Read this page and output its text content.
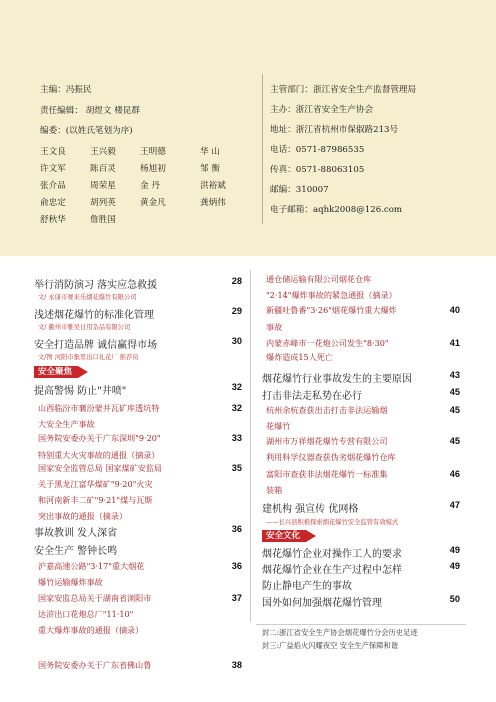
主编：冯振民
责任编辑： 胡煜文 楼昆群
编委：(以姓氏笔划为序)
王文良	王兴毅	王明德	华 山
许文军	陈百灵	杨旭初	邹 衡
张介品	周荣星	金 丹	洪裕斌
俞忠定	胡列英	黄金凡	龚炳伟
舒秋华	詹胜国
主管部门：浙江省安全生产监督管理局
主办：浙江省安全生产协会
地址：浙江省杭州市保俶路213号
电话：0571-87986535
传真：0571-88063105
邮编：310007
电子邮箱：aqhk2008@126.com
举行消防演习 落实应急救援	28
文/ 永康市赛来乐烟花爆竹有限公司
浅述烟花爆竹的标准化管理	29
文/ 衢州市雅吴日用杂品有限公司
安全打造品牌 诚信赢得市场	30
文/图 河阳市集里出口礼花厂 推荐员
安全聚焦
提高警惕 防止"井喷"	32
山西临汾市襄汾蒙井瓦矿库透坑特	32
大安全生产事故
国务院安委办关于广东深圳"9·20"	33
特别重大火灾事故的通报（摘录）
国家安全监管总局 国家煤矿安监局	35
关于黑龙江富华煤矿"9·20"火灾
和河南新丰二矿"9·21"煤与瓦斯
突出事故的通报（摘录）
事故教训 发人深省	36
安全生产 警钟长鸣
沪嘉高速公路"3·17"重大烟花	36
爆竹运输爆炸事故
国家安监总局关于湖南省浏阳市	37
达浒出口花炮总厂"11·10"
重大爆炸事故的通报（摘录）
国务院安委办关于广东省佛山鲁	38
通仓储运输有限公司烟花仓库
"2·14"爆炸事故的紧急通报（摘录）
新疆吐鲁番"3·26"烟花爆竹重大爆炸	40
事故
内蒙赤峰市一花炮公司发生"8·30"	41
爆炸造成15人死亡
烟花爆竹行业事故发生的主要原因	43
打击非法走私势在必行	45
杭州余杭查获出击打击非法运输烟	45
花爆竹
湖州市万祥烟花爆竹专营有限公司	45
利用科学仪器查获伪劣烟花爆竹仓库
富阳市查获非法烟花爆竹一标准集	46
装箱
建机构 强宣传 优网格	47
——长兴县积极探索烟花爆竹安全监管有效模式
安全文化
烟花爆竹企业对操作工人的要求	49
烟花爆竹企业在生产过程中怎样	49
防止静电产生的事故
国外如何加强烟花爆竹管理	50
封二:浙江省安全生产协会烟花爆竹分会历史足迹
封三:广益焰火闪耀夜空 安全生产保障和谐
